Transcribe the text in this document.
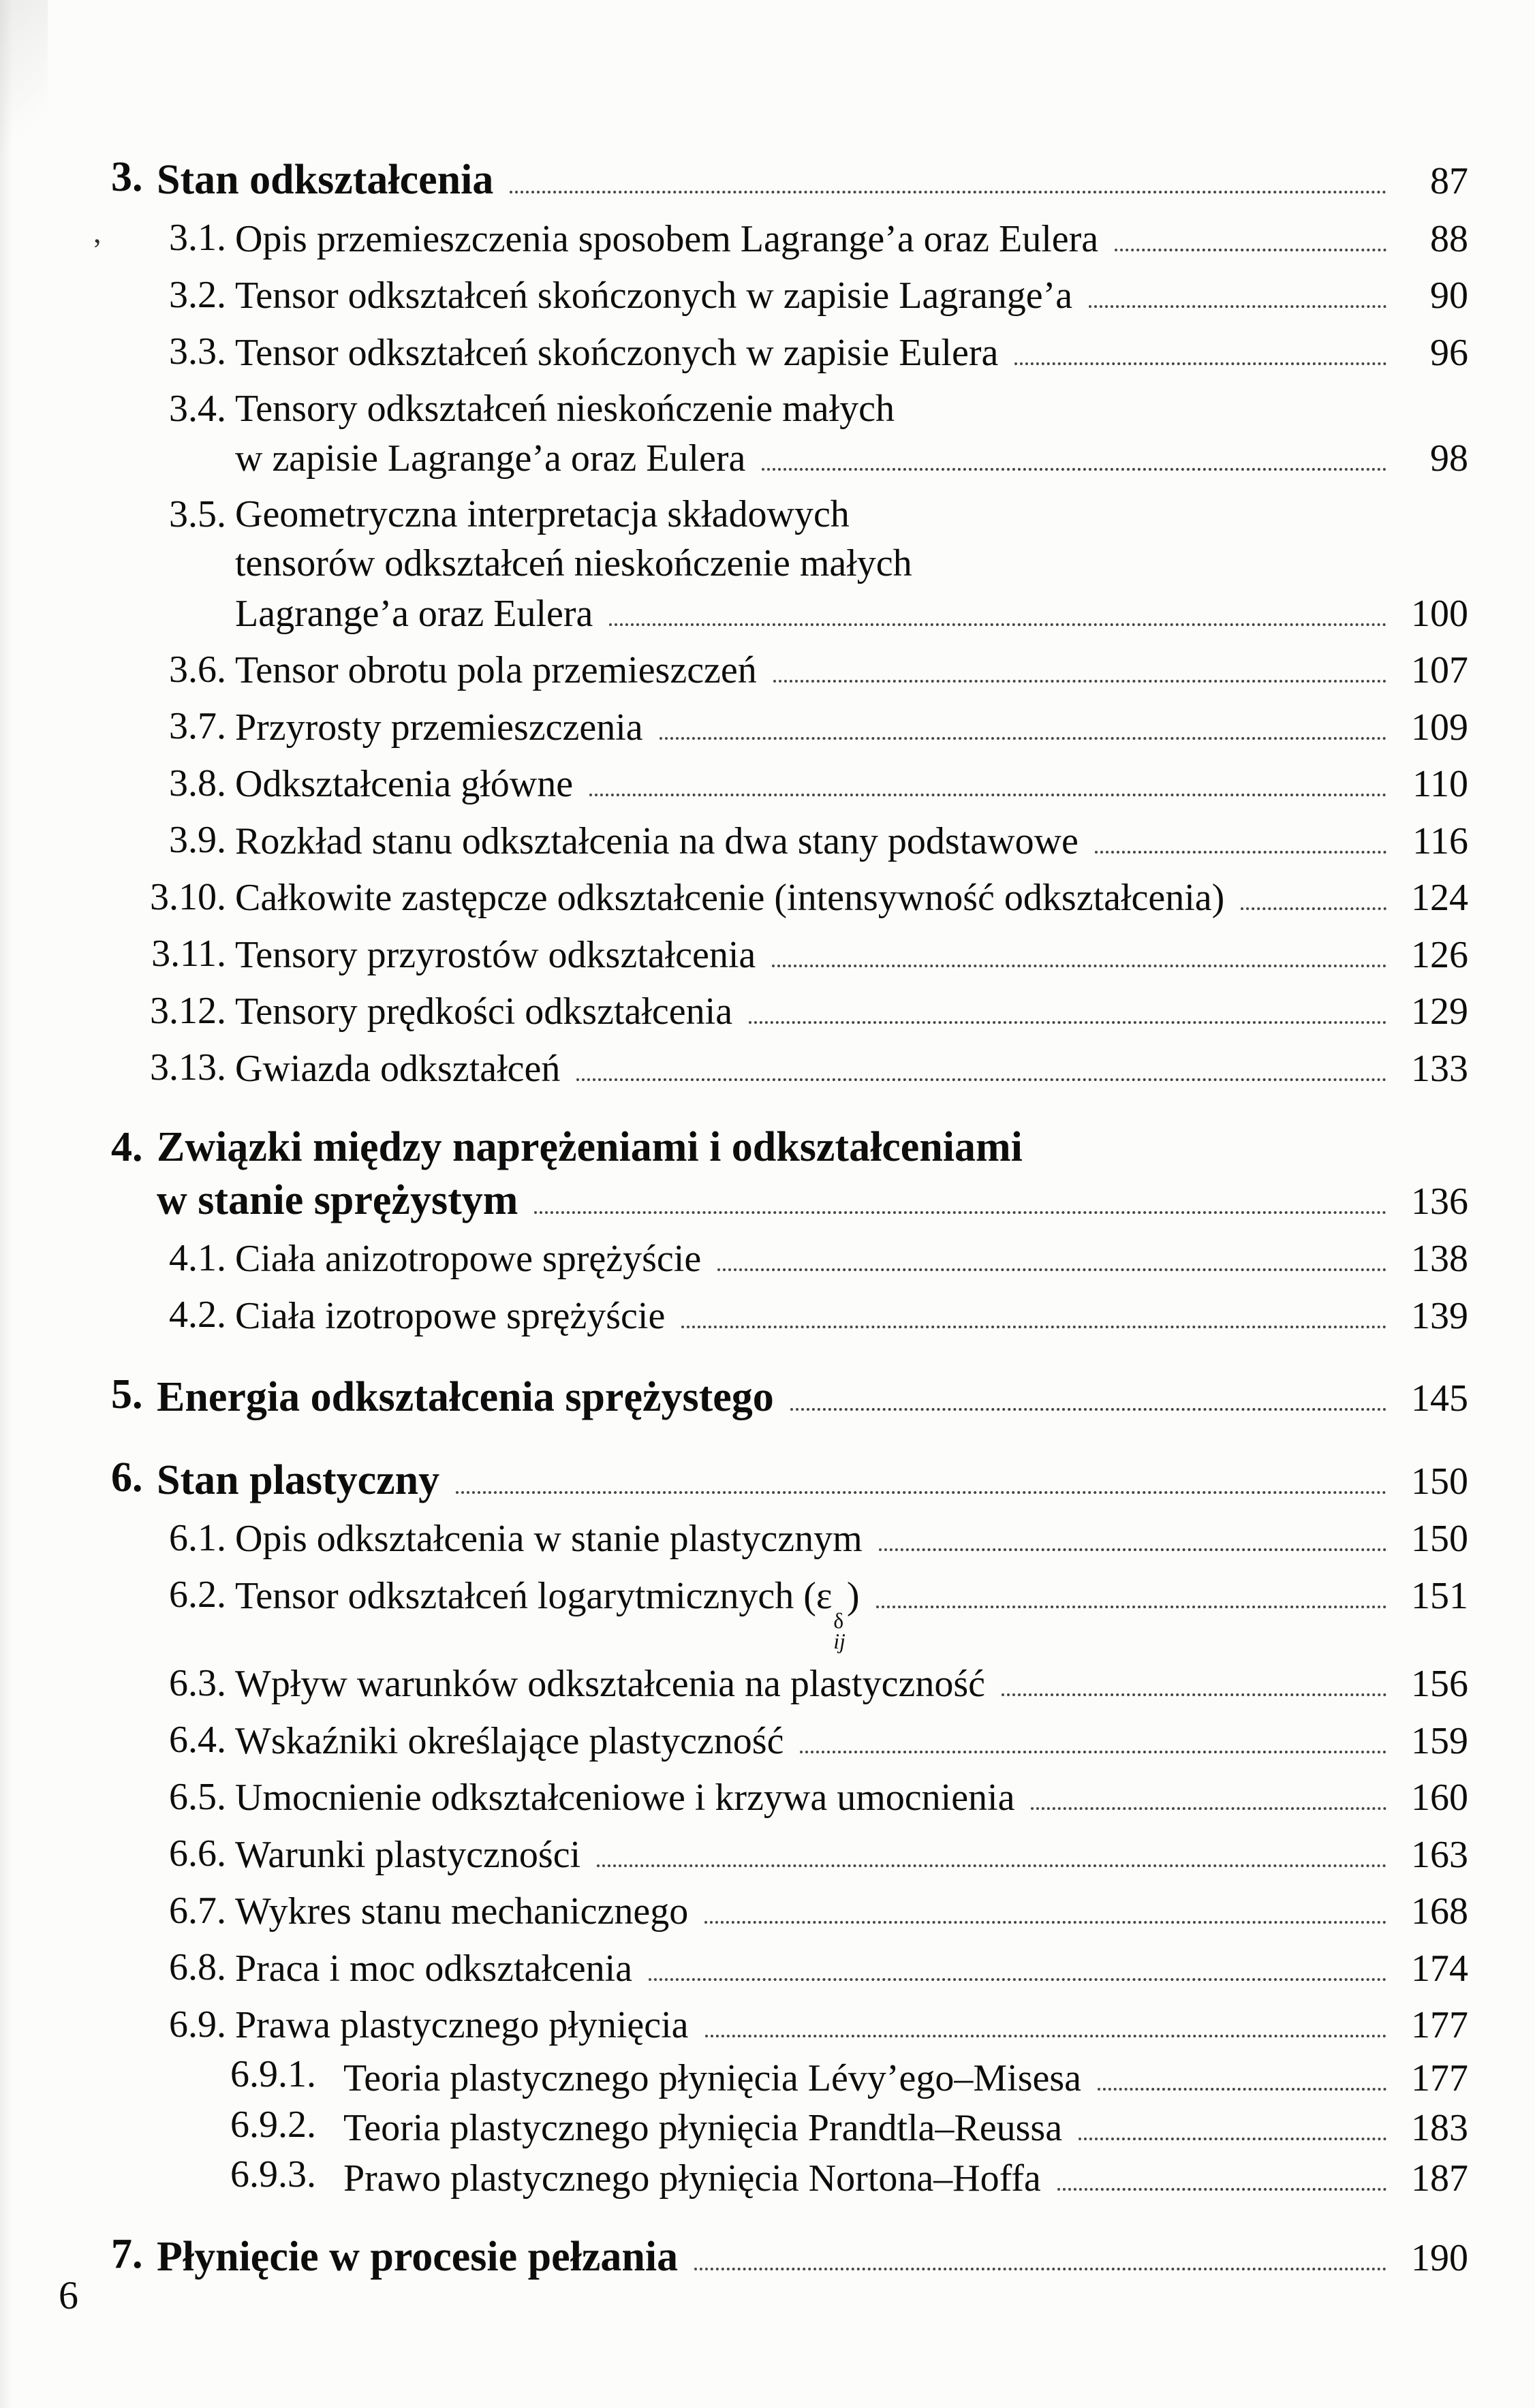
,
3. Stan odkształcenia	87
3.1. Opis przemieszczenia sposobem Lagrange’a oraz Eulera	88
3.2. Tensor odkształceń skończonych w zapisie Lagrange’a	90
3.3. Tensor odkształceń skończonych w zapisie Eulera	96
3.4. Tensory odkształceń nieskończenie małych
w zapisie Lagrange’a oraz Eulera	98
3.5. Geometryczna interpretacja składowych
tensorów odkształceń nieskończenie małych
Lagrange’a oraz Eulera	100
3.6. Tensor obrotu pola przemieszczeń	107
3.7. Przyrosty przemieszczenia	109
3.8. Odkształcenia główne	110
3.9. Rozkład stanu odkształcenia na dwa stany podstawowe	116
3.10. Całkowite zastępcze odkształcenie (intensywność odkształcenia)	124
3.11. Tensory przyrostów odkształcenia	126
3.12. Tensory prędkości odkształcenia	129
3.13. Gwiazda odkształceń	133
4. Związki między naprężeniami i odkształceniami
w stanie sprężystym	136
4.1. Ciała anizotropowe sprężyście	138
4.2. Ciała izotropowe sprężyście	139
5. Energia odkształcenia sprężystego	145
6. Stan plastyczny	150
6.1. Opis odkształcenia w stanie plastycznym	150
6.2. Tensor odkształceń logarytmicznych (ε
δ
ij
)	151
6.3. Wpływ warunków odkształcenia na plastyczność	156
6.4. Wskaźniki określające plastyczność	159
6.5. Umocnienie odkształceniowe i krzywa umocnienia	160
6.6. Warunki plastyczności	163
6.7. Wykres stanu mechanicznego	168
6.8. Praca i moc odkształcenia	174
6.9. Prawa plastycznego płynięcia	177
6.9.1. Teoria plastycznego płynięcia Lévy’ego–Misesa	177
6.9.2. Teoria plastycznego płynięcia Prandtla–Reussa	183
6.9.3. Prawo plastycznego płynięcia Nortona–Hoffa	187
7. Płynięcie w procesie pełzania	190
6
